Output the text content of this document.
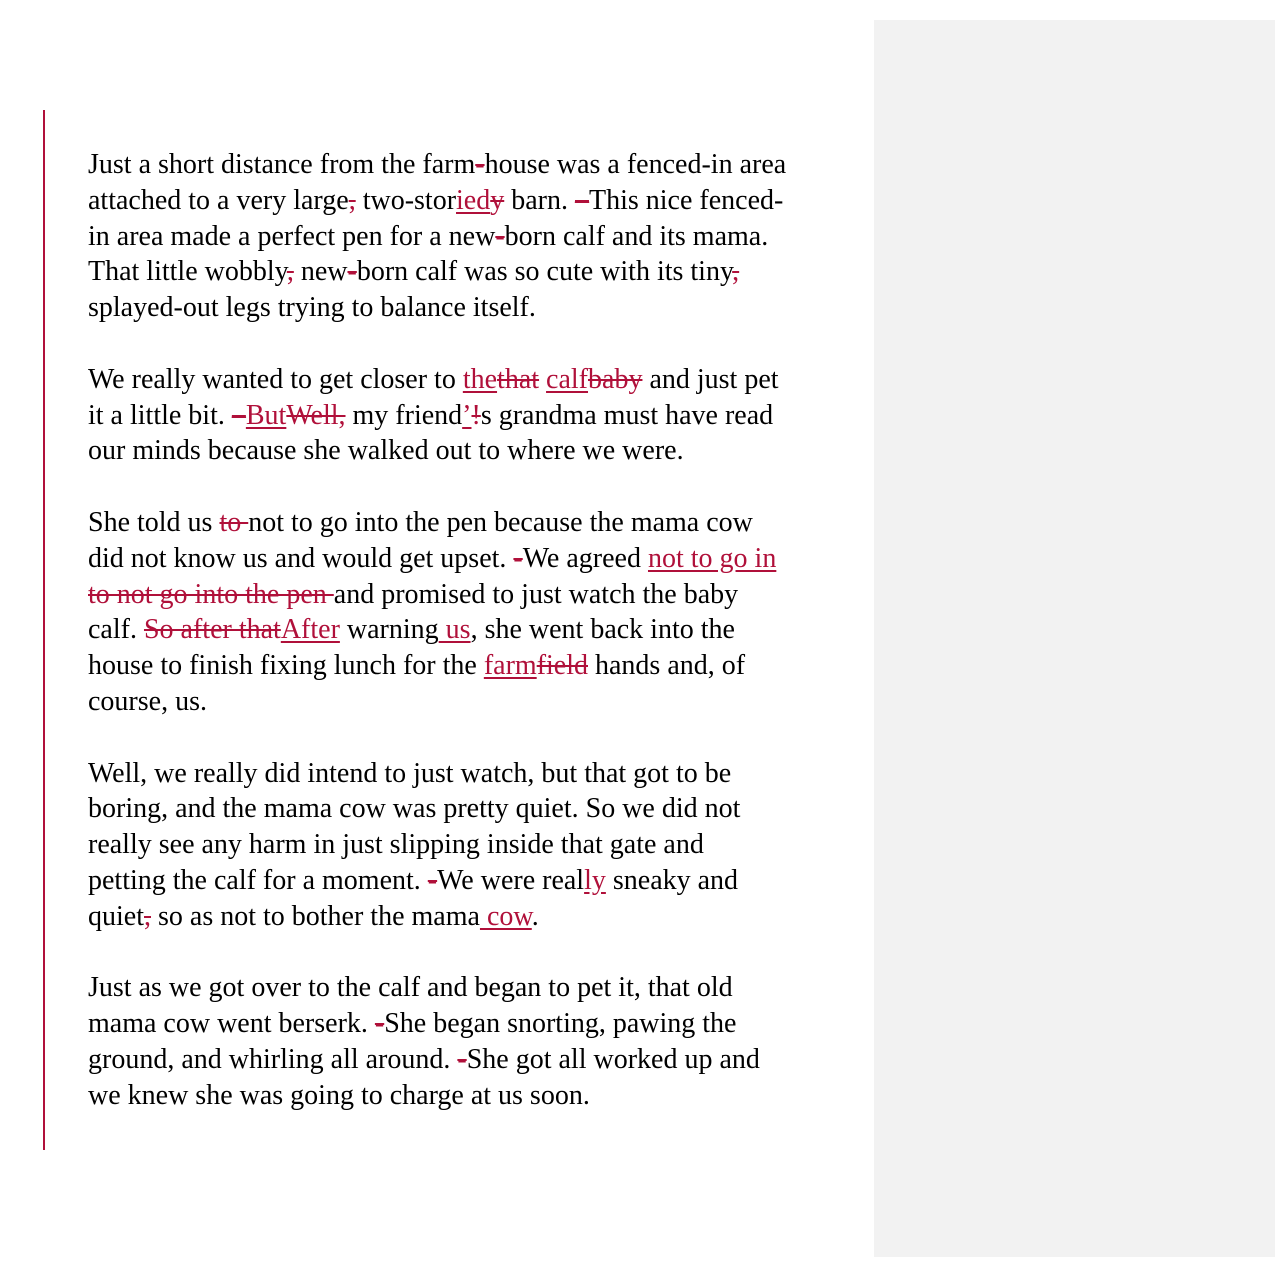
Just a short distance from the farm-house was a fenced-in area
attached to a very large, two-storiedy barn. –This nice fenced-
in area made a perfect pen for a new-born calf and its mama.
That little wobbly, new-born calf was so cute with its tiny,
splayed-out legs trying to balance itself.

We really wanted to get closer to thethat calfbaby and just pet
it a little bit. –ButWell, my friend’!s grandma must have read
our minds because she walked out to where we were.

She told us to not to go into the pen because the mama cow
did not know us and would get upset. -We agreed not to go in
to not go into the pen and promised to just watch the baby
calf. So after thatAfter warning us, she went back into the
house to finish fixing lunch for the farmfield hands and, of
course, us.

Well, we really did intend to just watch, but that got to be
boring, and the mama cow was pretty quiet. So we did not
really see any harm in just slipping inside that gate and
petting the calf for a moment. -We were really sneaky and
quiet, so as not to bother the mama cow.

Just as we got over to the calf and began to pet it, that old
mama cow went berserk. -She began snorting, pawing the
ground, and whirling all around. -She got all worked up and
we knew she was going to charge at us soon.
